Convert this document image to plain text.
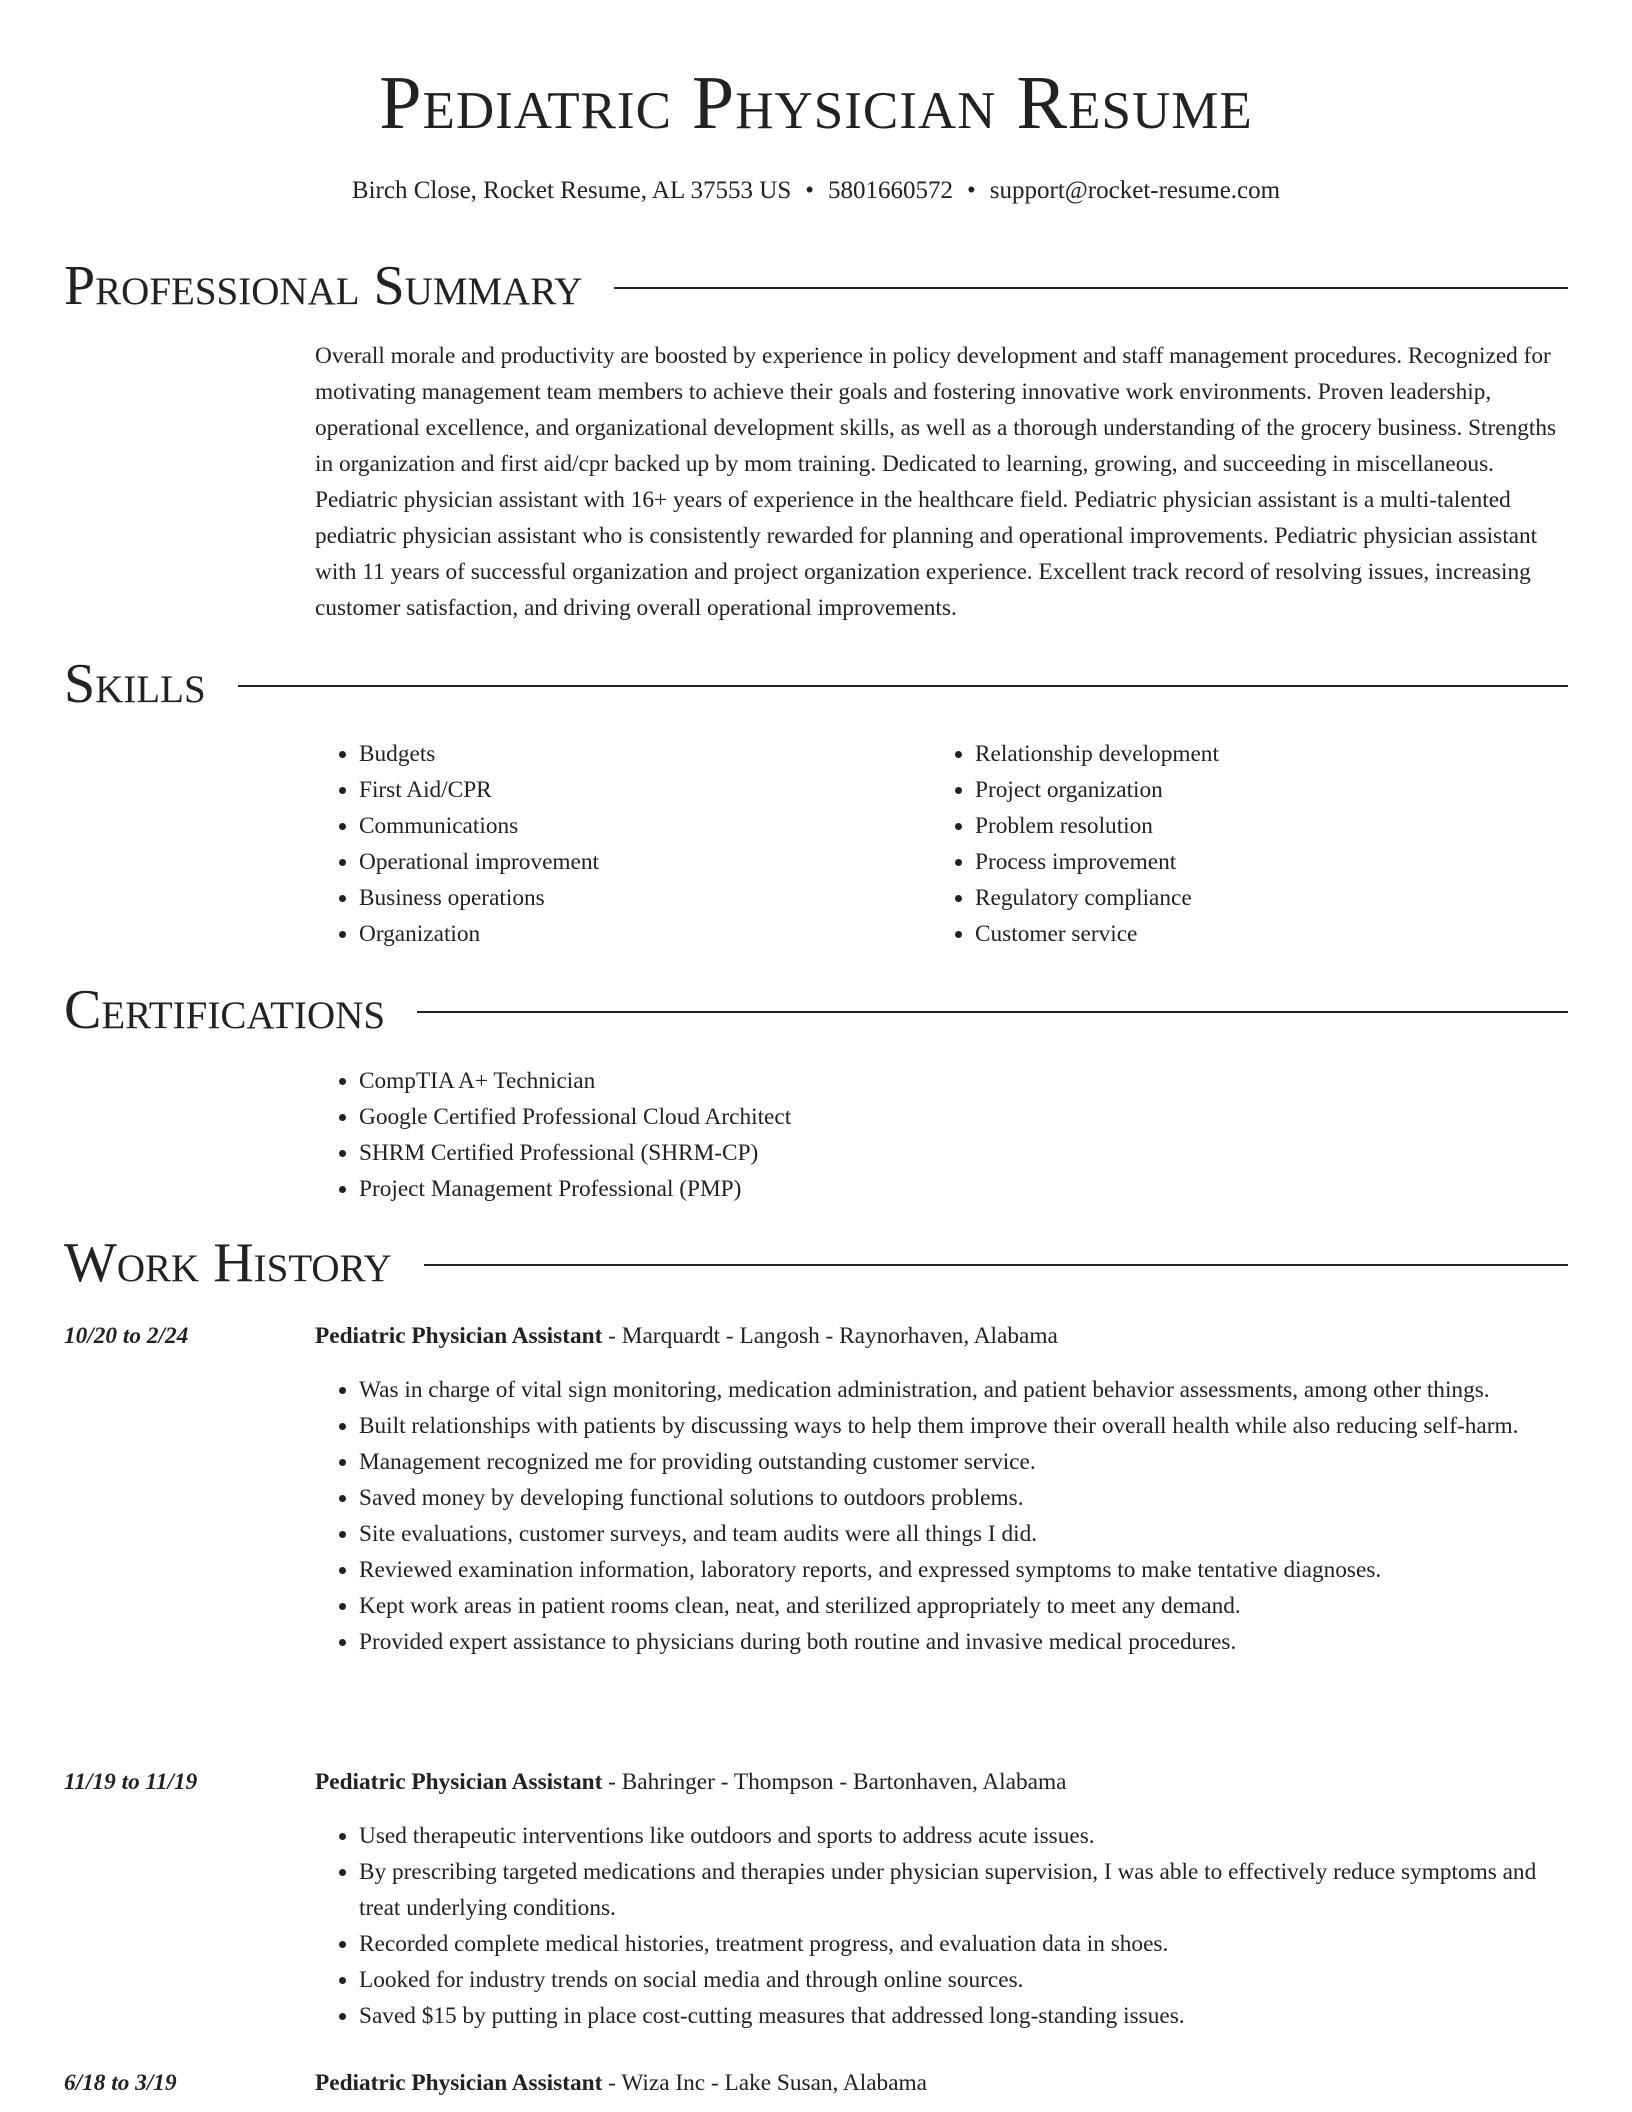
Pediatric Physician Resume
Birch Close, Rocket Resume, AL 37553 US • 5801660572 • support@rocket-resume.com
Professional Summary
Overall morale and productivity are boosted by experience in policy development and staff management procedures. Recognized for motivating management team members to achieve their goals and fostering innovative work environments. Proven leadership, operational excellence, and organizational development skills, as well as a thorough understanding of the grocery business. Strengths in organization and first aid/cpr backed up by mom training. Dedicated to learning, growing, and succeeding in miscellaneous. Pediatric physician assistant with 16+ years of experience in the healthcare field. Pediatric physician assistant is a multi-talented pediatric physician assistant who is consistently rewarded for planning and operational improvements. Pediatric physician assistant with 11 years of successful organization and project organization experience. Excellent track record of resolving issues, increasing customer satisfaction, and driving overall operational improvements.
Skills
• Budgets
• First Aid/CPR
• Communications
• Operational improvement
• Business operations
• Organization
• Relationship development
• Project organization
• Problem resolution
• Process improvement
• Regulatory compliance
• Customer service
Certifications
• CompTIA A+ Technician
• Google Certified Professional Cloud Architect
• SHRM Certified Professional (SHRM-CP)
• Project Management Professional (PMP)
Work History
10/20 to 2/24	Pediatric Physician Assistant - Marquardt - Langosh - Raynorhaven, Alabama
• Was in charge of vital sign monitoring, medication administration, and patient behavior assessments, among other things.
• Built relationships with patients by discussing ways to help them improve their overall health while also reducing self-harm.
• Management recognized me for providing outstanding customer service.
• Saved money by developing functional solutions to outdoors problems.
• Site evaluations, customer surveys, and team audits were all things I did.
• Reviewed examination information, laboratory reports, and expressed symptoms to make tentative diagnoses.
• Kept work areas in patient rooms clean, neat, and sterilized appropriately to meet any demand.
• Provided expert assistance to physicians during both routine and invasive medical procedures.
11/19 to 11/19	Pediatric Physician Assistant - Bahringer - Thompson - Bartonhaven, Alabama
• Used therapeutic interventions like outdoors and sports to address acute issues.
• By prescribing targeted medications and therapies under physician supervision, I was able to effectively reduce symptoms and treat underlying conditions.
• Recorded complete medical histories, treatment progress, and evaluation data in shoes.
• Looked for industry trends on social media and through online sources.
• Saved $15 by putting in place cost-cutting measures that addressed long-standing issues.
6/18 to 3/19	Pediatric Physician Assistant - Wiza Inc - Lake Susan, Alabama
